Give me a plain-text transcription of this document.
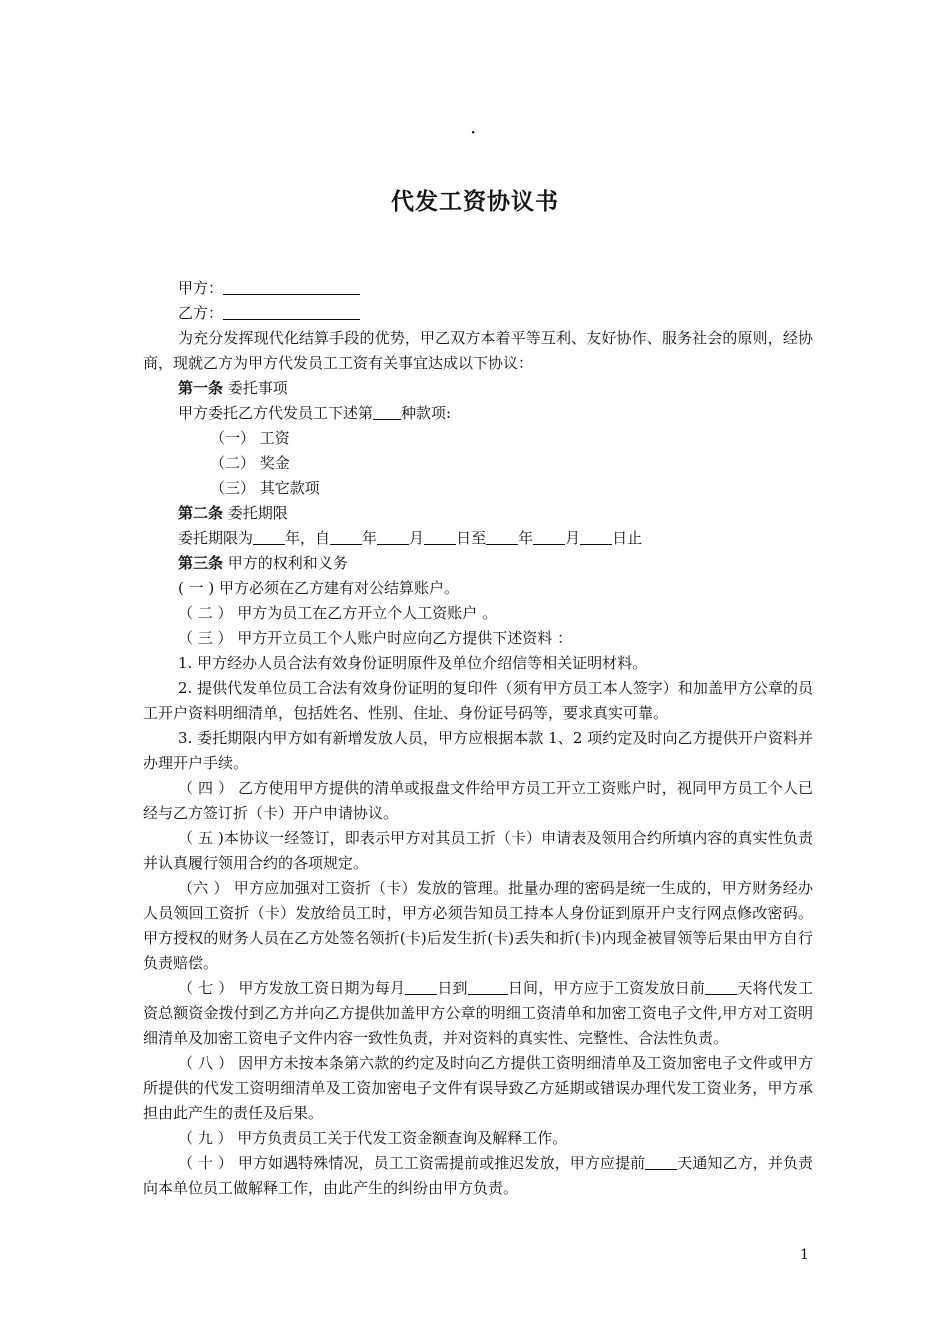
·
代发工资协议书

甲方：

乙方：

为充分发挥现代化结算手段的优势，甲乙双方本着平等互利、友好协作、服务社会的原则，经协商，现就乙方为甲方代发员工工资有关事宜达成以下协议：

第一条 委托事项

甲方委托乙方代发员工下述第 种款项:

（一） 工资

（二） 奖金

（三） 其它款项

第二条 委托期限

委托期限为 年，自 年 月 日至 年 月 日止

第三条 甲方的权利和义务

( 一 ) 甲方必须在乙方建有对公结算账户。

（ 二 ） 甲方为员工在乙方开立个人工资账户 。

（ 三 ） 甲方开立员工个人账户时应向乙方提供下述资料 ：

1. 甲方经办人员合法有效身份证明原件及单位介绍信等相关证明材料。

2. 提供代发单位员工合法有效身份证明的复印件（须有甲方员工本人签字）和加盖甲方公章的员工开户资料明细清单，包括姓名、性别、住址、身份证号码等，要求真实可靠。

3. 委托期限内甲方如有新增发放人员，甲方应根据本款 1、2 项约定及时向乙方提供开户资料并办理开户手续。

（ 四 ） 乙方使用甲方提供的清单或报盘文件给甲方员工开立工资账户时，视同甲方员工个人已经与乙方签订折（卡）开户申请协议。

（ 五 )本协议一经签订，即表示甲方对其员工折（卡）申请表及领用合约所填内容的真实性负责并认真履行领用合约的各项规定。

（六 ） 甲方应加强对工资折（卡）发放的管理。批量办理的密码是统一生成的，甲方财务经办人员领回工资折（卡）发放给员工时，甲方必须告知员工持本人身份证到原开户支行网点修改密码。甲方授权的财务人员在乙方处签名领折(卡)后发生折(卡)丢失和折(卡)内现金被冒领等后果由甲方自行负责赔偿。

（ 七 ） 甲方发放工资日期为每月 日到	日间，甲方应于工资发放日前 天将代发工资总额资金拨付到乙方并向乙方提供加盖甲方公章的明细工资清单和加密工资电子文件,甲方对工资明细清单及加密工资电子文件内容一致性负责，并对资料的真实性、完整性、合法性负责。

（ 八 ） 因甲方未按本条第六款的约定及时向乙方提供工资明细清单及工资加密电子文件或甲方所提供的代发工资明细清单及工资加密电子文件有误导致乙方延期或错误办理代发工资业务，甲方承担由此产生的责任及后果。

（ 九 ） 甲方负责员工关于代发工资金额查询及解释工作。

（ 十 ） 甲方如遇特殊情况，员工工资需提前或推迟发放，甲方应提前 天通知乙方，并负责向本单位员工做解释工作，由此产生的纠纷由甲方负责。

1
